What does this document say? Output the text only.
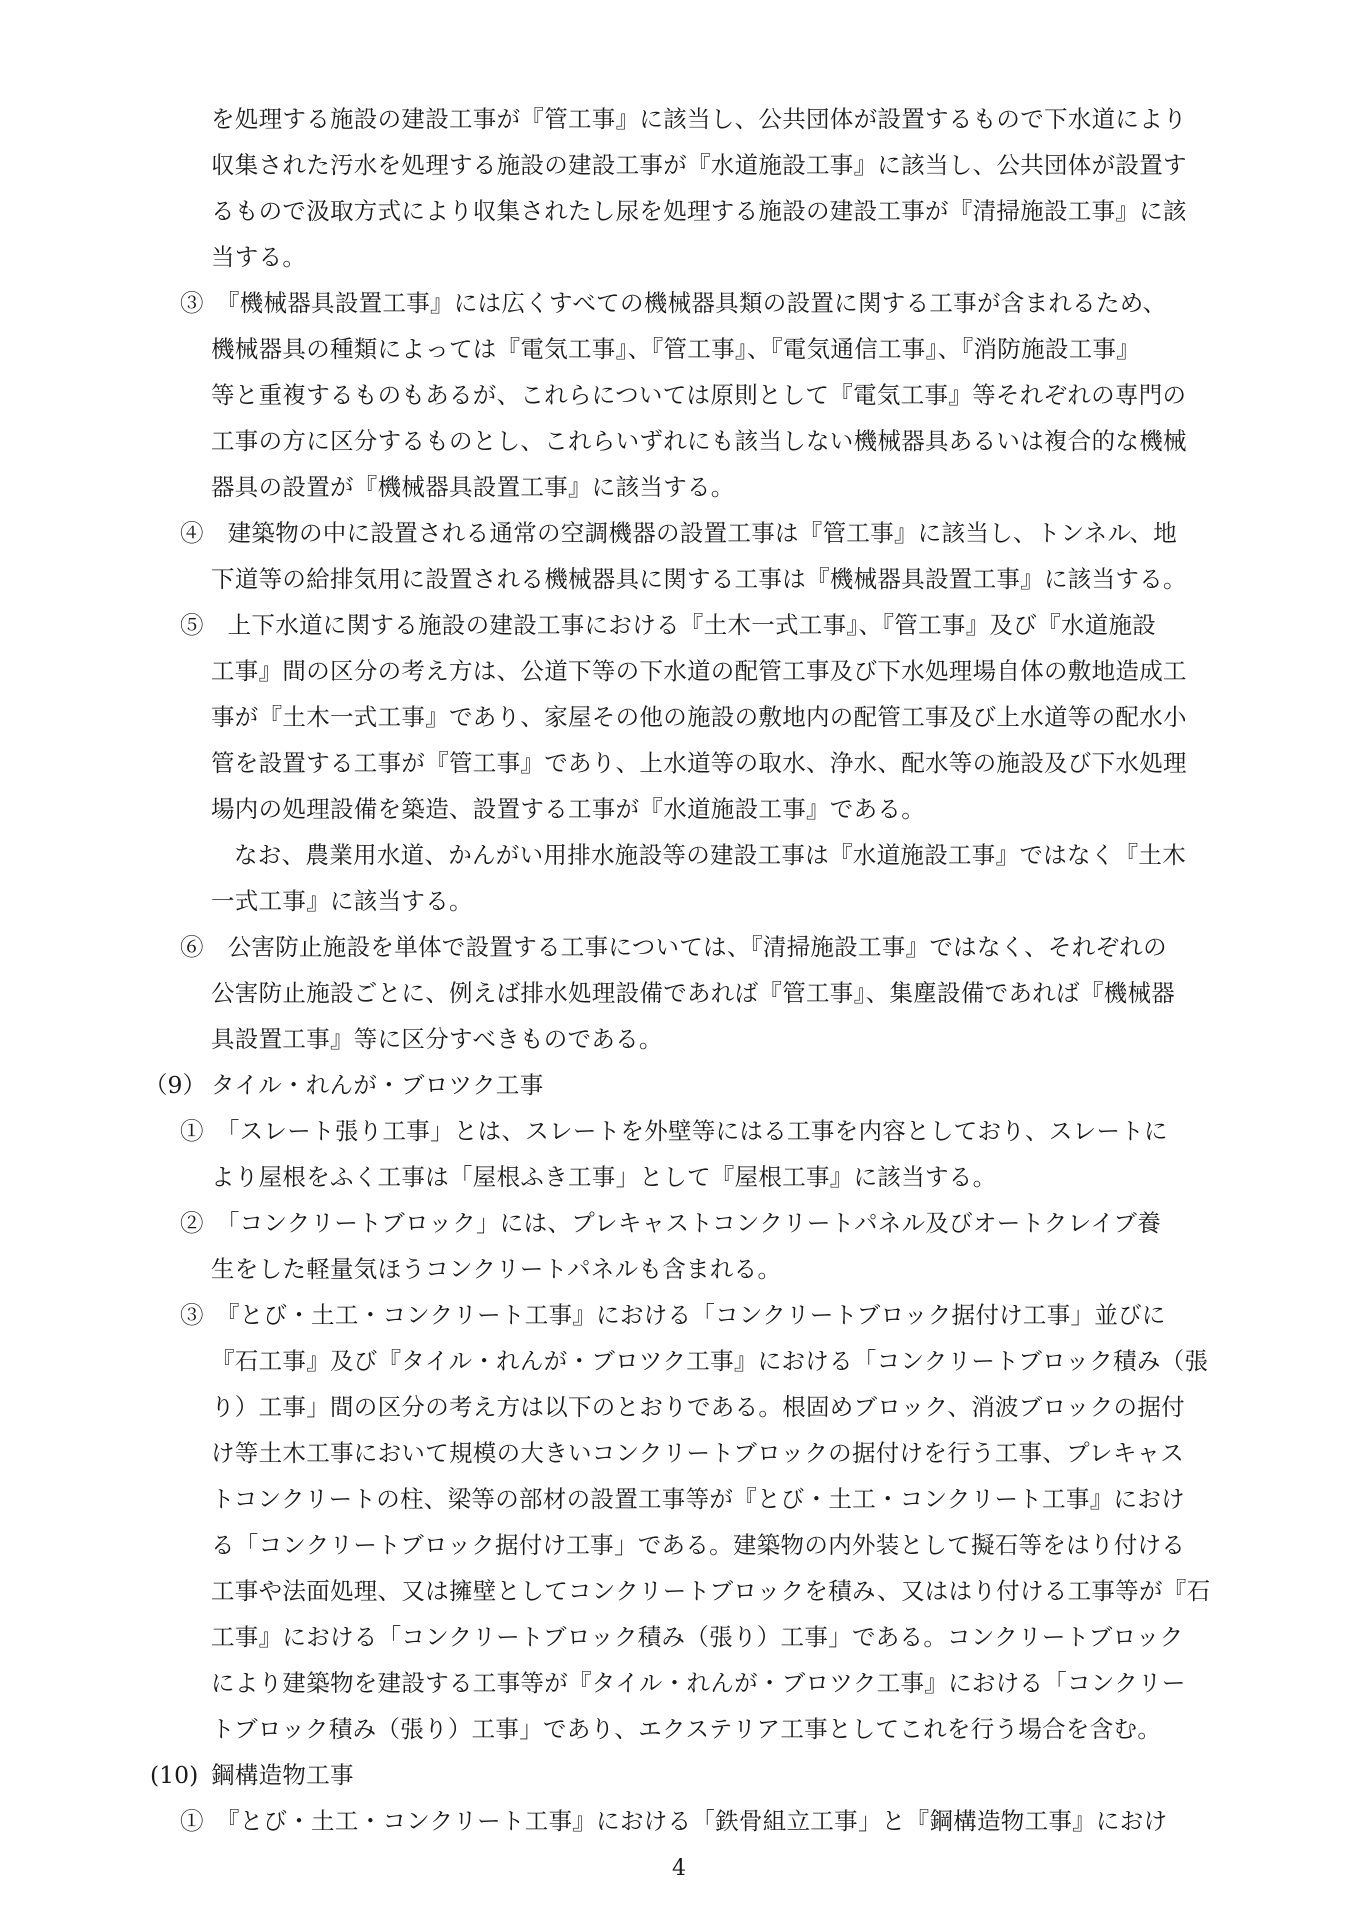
を処理する施設の建設工事が『管工事』に該当し、公共団体が設置するもので下水道により
収集された汚水を処理する施設の建設工事が『水道施設工事』に該当し、公共団体が設置す
るもので汲取方式により収集されたし尿を処理する施設の建設工事が『清掃施設工事』に該
当する。
③　『機械器具設置工事』には広くすべての機械器具類の設置に関する工事が含まれるため、
機械器具の種類によっては『電気工事』、『管工事』、『電気通信工事』、『消防施設工事』
等と重複するものもあるが、これらについては原則として『電気工事』等それぞれの専門の
工事の方に区分するものとし、これらいずれにも該当しない機械器具あるいは複合的な機械
器具の設置が『機械器具設置工事』に該当する。
④　建築物の中に設置される通常の空調機器の設置工事は『管工事』に該当し、トンネル、地
下道等の給排気用に設置される機械器具に関する工事は『機械器具設置工事』に該当する。
⑤　上下水道に関する施設の建設工事における『土木一式工事』、『管工事』及び『水道施設
工事』間の区分の考え方は、公道下等の下水道の配管工事及び下水処理場自体の敷地造成工
事が『土木一式工事』であり、家屋その他の施設の敷地内の配管工事及び上水道等の配水小
管を設置する工事が『管工事』であり、上水道等の取水、浄水、配水等の施設及び下水処理
場内の処理設備を築造、設置する工事が『水道施設工事』である。
なお、農業用水道、かんがい用排水施設等の建設工事は『水道施設工事』ではなく『土木
一式工事』に該当する。
⑥　公害防止施設を単体で設置する工事については、『清掃施設工事』ではなく、それぞれの
公害防止施設ごとに、例えば排水処理設備であれば『管工事』、集塵設備であれば『機械器
具設置工事』等に区分すべきものである。
（9） タイル・れんが・ブロツク工事
①　「スレート張り工事」とは、スレートを外壁等にはる工事を内容としており、スレートに
より屋根をふく工事は「屋根ふき工事」として『屋根工事』に該当する。
②　「コンクリートブロック」には、プレキャストコンクリートパネル及びオートクレイブ養
生をした軽量気ほうコンクリートパネルも含まれる。
③　『とび・土工・コンクリート工事』における「コンクリートブロック据付け工事」並びに
『石工事』及び『タイル・れんが・ブロツク工事』における「コンクリートブロック積み（張
り）工事」間の区分の考え方は以下のとおりである。根固めブロック、消波ブロックの据付
け等土木工事において規模の大きいコンクリートブロックの据付けを行う工事、プレキャス
トコンクリートの柱、梁等の部材の設置工事等が『とび・土工・コンクリート工事』におけ
る「コンクリートブロック据付け工事」である。建築物の内外装として擬石等をはり付ける
工事や法面処理、又は擁壁としてコンクリートブロックを積み、又ははり付ける工事等が『石
工事』における「コンクリートブロック積み（張り）工事」である。コンクリートブロック
により建築物を建設する工事等が『タイル・れんが・ブロツク工事』における「コンクリー
トブロック積み（張り）工事」であり、エクステリア工事としてこれを行う場合を含む。
(10) 鋼構造物工事
①　『とび・土工・コンクリート工事』における「鉄骨組立工事」と『鋼構造物工事』におけ
4
